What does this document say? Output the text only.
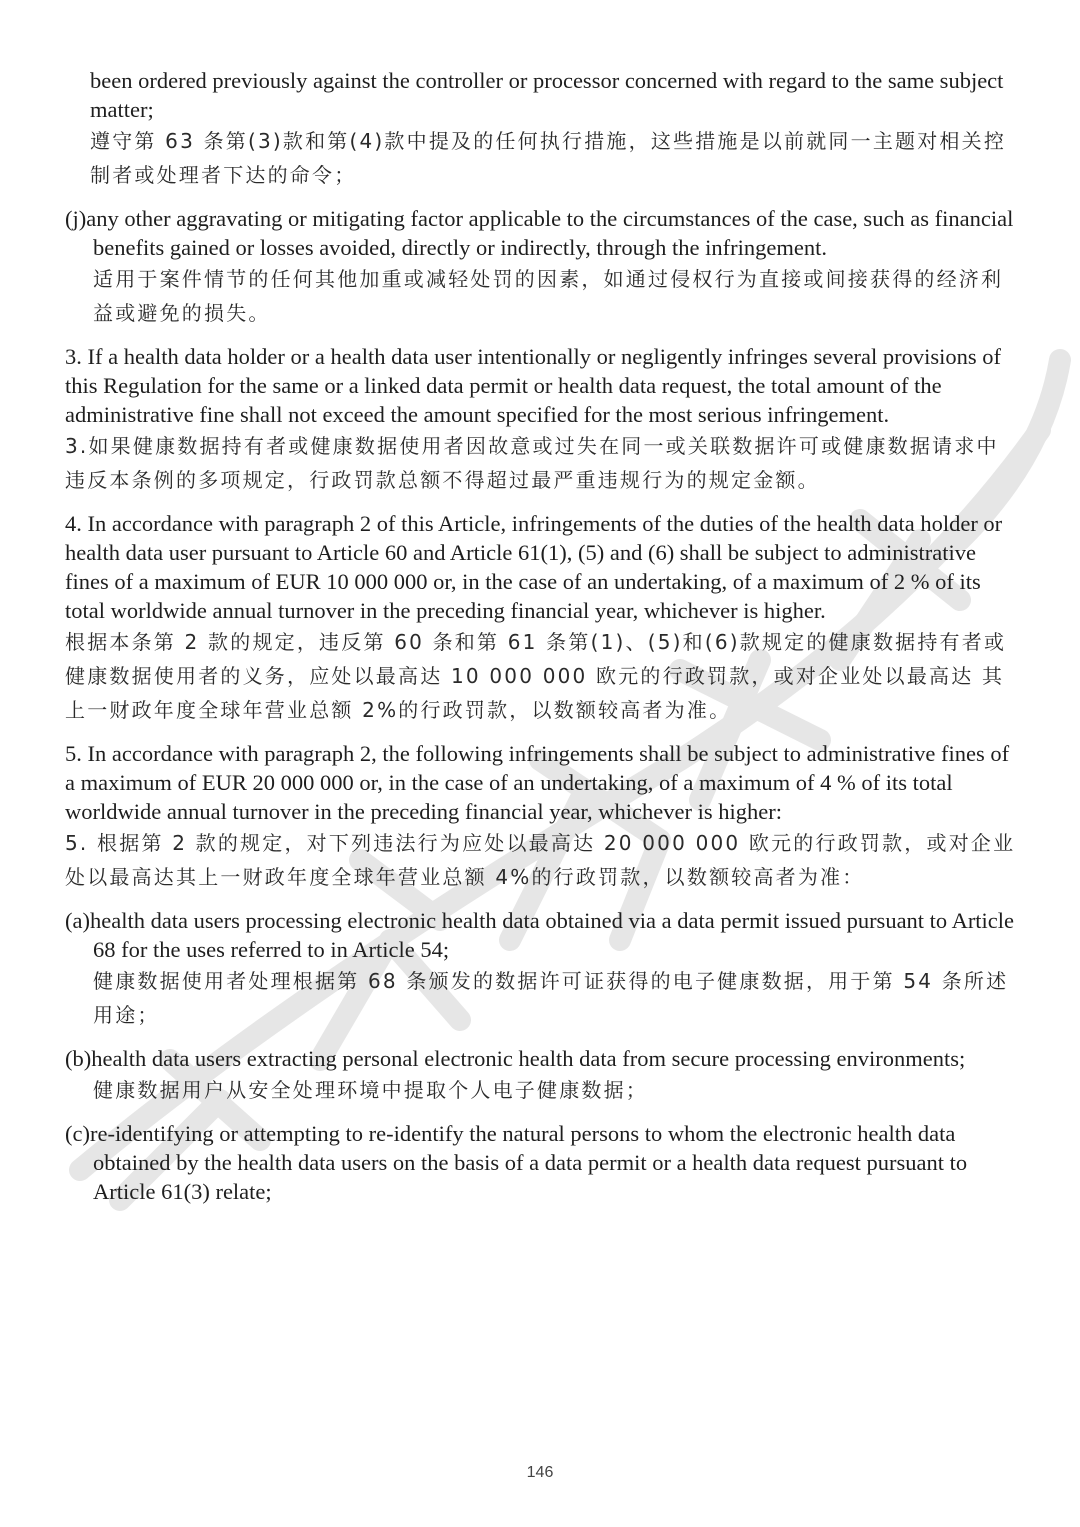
been ordered previously against the controller or processor concerned with regard to the same subject matter;

遵守第 63 条第(3)款和第(4)款中提及的任何执行措施，这些措施是以前就同一主题对相关控制者或处理者下达的命令；

(j)any other aggravating or mitigating factor applicable to the circumstances of the case, such as financial benefits gained or losses avoided, directly or indirectly, through the infringement.

适用于案件情节的任何其他加重或减轻处罚的因素，如通过侵权行为直接或间接获得的经济利益或避免的损失。

3. If a health data holder or a health data user intentionally or negligently infringes several provisions of this Regulation for the same or a linked data permit or health data request, the total amount of the administrative fine shall not exceed the amount specified for the most serious infringement.

3.如果健康数据持有者或健康数据使用者因故意或过失在同一或关联数据许可或健康数据请求中违反本条例的多项规定，行政罚款总额不得超过最严重违规行为的规定金额。

4. In accordance with paragraph 2 of this Article, infringements of the duties of the health data holder or health data user pursuant to Article 60 and Article 61(1), (5) and (6) shall be subject to administrative fines of a maximum of EUR 10 000 000 or, in the case of an undertaking, of a maximum of 2 % of its total worldwide annual turnover in the preceding financial year, whichever is higher.

根据本条第 2 款的规定，违反第 60 条和第 61 条第(1)、(5)和(6)款规定的健康数据持有者或 健康数据使用者的义务，应处以最高达 10 000 000 欧元的行政罚款，或对企业处以最高达 其上一财政年度全球年营业总额 2%的行政罚款，以数额较高者为准。

5. In accordance with paragraph 2, the following infringements shall be subject to administrative fines of a maximum of EUR 20 000 000 or, in the case of an undertaking, of a maximum of 4 % of its total worldwide annual turnover in the preceding financial year, whichever is higher:

5. 根据第 2 款的规定，对下列违法行为应处以最高达 20 000 000 欧元的行政罚款，或对企业处以最高达其上一财政年度全球年营业总额 4%的行政罚款，以数额较高者为准：

(a)health data users processing electronic health data obtained via a data permit issued pursuant to Article 68 for the uses referred to in Article 54;

健康数据使用者处理根据第 68 条颁发的数据许可证获得的电子健康数据，用于第 54 条所述用途；

(b)health data users extracting personal electronic health data from secure processing environments;

健康数据用户从安全处理环境中提取个人电子健康数据；

(c)re-identifying or attempting to re-identify the natural persons to whom the electronic health data obtained by the health data users on the basis of a data permit or a health data request pursuant to Article 61(3) relate;

146
